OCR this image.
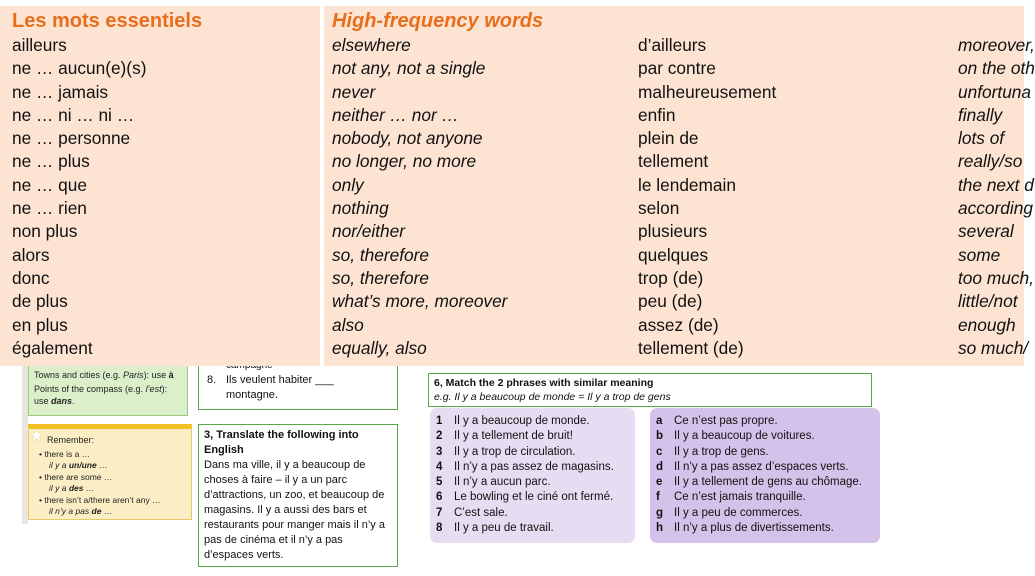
Towns and cities (e.g. Paris): use à
Points of the compass (e.g. l’est):
use dans.
★ Remember:
• there is a …
il y a un/une …
• there are some …
il y a des …
• there isn’t a/there aren’t any …
il n’y a pas de …
8. Ils veulent habiter ___
montagne.
3, Translate the following into English
Dans ma ville, il y a beaucoup de choses à faire – il y a un parc d’attractions, un zoo, et beaucoup de magasins. Il y a aussi des bars et restaurants pour manger mais il n’y a pas de cinéma et il n’y a pas d’espaces verts.
6, Match the 2 phrases with similar meaning
e.g. Il y a beaucoup de monde = Il y a trop de gens
1 Il y a beaucoup de monde.
2 Il y a tellement de bruit!
3 Il y a trop de circulation.
4 Il n’y a pas assez de magasins.
5 Il n’y a aucun parc.
6 Le bowling et le ciné ont fermé.
7 C’est sale.
8 Il y a peu de travail.
a Ce n’est pas propre.
b Il y a beaucoup de voitures.
c Il y a trop de gens.
d Il n’y a pas assez d’espaces verts.
e Il y a tellement de gens au chômage.
f Ce n’est jamais tranquille.
g Il y a peu de commerces.
h Il n’y a plus de divertissements.
Les mots essentiels	High-frequency words
ailleurs
ne … aucun(e)(s)
ne … jamais
ne … ni … ni …
ne … personne
ne … plus
ne … que
ne … rien
non plus
alors
donc
de plus
en plus
également
elsewhere
not any, not a single
never
neither … nor …
nobody, not anyone
no longer, no more
only
nothing
nor/either
so, therefore
so, therefore
what’s more, moreover
also
equally, also
d’ailleurs
par contre
malheureusement
enfin
plein de
tellement
le lendemain
selon
plusieurs
quelques
trop (de)
peu (de)
assez (de)
tellement (de)
moreover,
on the oth
unfortuna
finally
lots of
really/so
the next d
according
several
some
too much,
little/not
enough
so much/
